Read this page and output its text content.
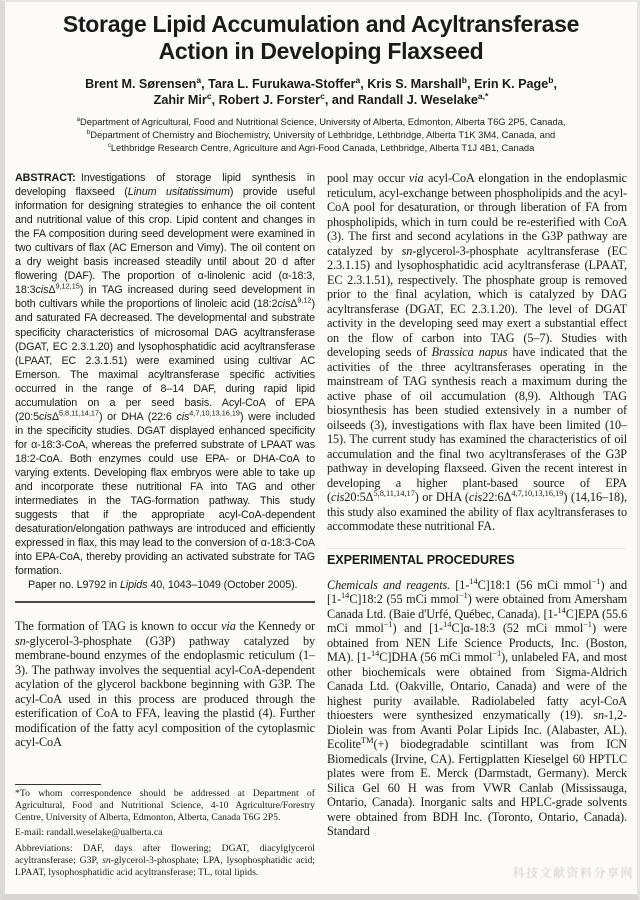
Storage Lipid Accumulation and Acyltransferase
Action in Developing Flaxseed
Brent M. Sørensen$^a$, Tara L. Furukawa-Stoffer$^a$, Kris S. Marshall$^b$, Erin K. Page$^b$,
Zahir Mir$^c$, Robert J. Forster$^c$, and Randall J. Weselake$^{a,*}$
$^a$Department of Agricultural, Food and Nutritional Science, University of Alberta, Edmonton, Alberta T6G 2P5, Canada,
$^b$Department of Chemistry and Biochemistry, University of Lethbridge, Lethbridge, Alberta T1K 3M4, Canada, and
$^c$Lethbridge Research Centre, Agriculture and Agri-Food Canada, Lethbridge, Alberta T1J 4B1, Canada

ABSTRACT: Investigations of storage lipid synthesis in developing flaxseed (Linum usitatissimum) provide useful information for designing strategies to enhance the oil content and nutritional value of this crop. Lipid content and changes in the FA composition during seed development were examined in two cultivars of flax (AC Emerson and Vimy). The oil content on a dry weight basis increased steadily until about 20 d after flowering (DAF). The proportion of α-linolenic acid (α-18:3, 18:3cisΔ$^{9,12,15}$) in TAG increased during seed development in both cultivars while the proportions of linoleic acid (18:2cisΔ$^{9,12}$) and saturated FA decreased. The developmental and substrate specificity characteristics of microsomal DAG acyltransferase (DGAT, EC 2.3.1.20) and lysophosphatidic acid acyltransferase (LPAAT, EC 2.3.1.51) were examined using cultivar AC Emerson. The maximal acyltransferase specific activities occurred in the range of 8–14 DAF, during rapid lipid accumulation on a per seed basis. Acyl-CoA of EPA (20:5cisΔ$^{5,8,11,14,17}$) or DHA (22:6 cis$^{4,7,10,13,16,19}$) were included in the specificity studies. DGAT displayed enhanced specificity for α-18:3-CoA, whereas the preferred substrate of LPAAT was 18:2-CoA. Both enzymes could use EPA- or DHA-CoA to varying extents. Developing flax embryos were able to take up and incorporate these nutritional FA into TAG and other intermediates in the TAG-formation pathway. This study suggests that if the appropriate acyl-CoA-dependent desaturation/elongation pathways are introduced and efficiently expressed in flax, this may lead to the conversion of α-18:3-CoA into EPA-CoA, thereby providing an activated substrate for TAG formation.

Paper no. L9792 in Lipids 40, 1043–1049 (October 2005).

The formation of TAG is known to occur via the Kennedy or sn-glycerol-3-phosphate (G3P) pathway catalyzed by membrane-bound enzymes of the endoplasmic reticulum (1–3). The pathway involves the sequential acyl-CoA-dependent acylation of the glycerol backbone beginning with G3P. The acyl-CoA used in this process are produced through the esterification of CoA to FFA, leaving the plastid (4). Further modification of the fatty acyl composition of the cytoplasmic acyl-CoA

*To whom correspondence should be addressed at Department of Agricultural, Food and Nutritional Science, 4-10 Agriculture/Forestry Centre, University of Alberta, Edmonton, Alberta, Canada T6G 2P5.

E-mail: randall.weselake@ualberta.ca

Abbreviations: DAF, days after flowering; DGAT, diacylglycerol acyltransferase; G3P, sn-glycerol-3-phosphate; LPA, lysophosphatidic acid; LPAAT, lysophosphatidic acid acyltransferase; TL, total lipids.

pool may occur via acyl-CoA elongation in the endoplasmic reticulum, acyl-exchange between phospholipids and the acyl-CoA pool for desaturation, or through liberation of FA from phospholipids, which in turn could be re-esterified with CoA (3). The first and second acylations in the G3P pathway are catalyzed by sn-glycerol-3-phosphate acyltransferase (EC 2.3.1.15) and lysophosphatidic acid acyltransferase (LPAAT, EC 2.3.1.51), respectively. The phosphate group is removed prior to the final acylation, which is catalyzed by DAG acyltransferase (DGAT, EC 2.3.1.20). The level of DGAT activity in the developing seed may exert a substantial effect on the flow of carbon into TAG (5–7). Studies with developing seeds of Brassica napus have indicated that the activities of the three acyltransferases operating in the mainstream of TAG synthesis reach a maximum during the active phase of oil accumulation (8,9). Although TAG biosynthesis has been studied extensively in a number of oilseeds (3), investigations with flax have been limited (10–15). The current study has examined the characteristics of oil accumulation and the final two acyltransferases of the G3P pathway in developing flaxseed. Given the recent interest in developing a higher plant-based source of EPA $(cis20:5\Delta^{5,8,11,14,17})$ or DHA $(cis22:6\Delta^{4,7,10,13,16,19})$ (14,16–18), this study also examined the ability of flax acyltransferases to accommodate these nutritional FA.

EXPERIMENTAL PROCEDURES

Chemicals and reagents. [1-$^{14}$C]18:1 (56 mCi mmol$^{-1}$) and [1-$^{14}$C]18:2 (55 mCi mmol$^{-1}$) were obtained from Amersham Canada Ltd. (Baie d'Urfé, Québec, Canada). [1-$^{14}$C]EPA (55.6 mCi mmol$^{-1}$) and [1-$^{14}$C]α-18:3 (52 mCi mmol$^{-1}$) were obtained from NEN Life Science Products, Inc. (Boston, MA). [1-$^{14}$C]DHA (56 mCi mmol$^{-1}$), unlabeled FA, and most other biochemicals were obtained from Sigma-Aldrich Canada Ltd. (Oakville, Ontario, Canada) and were of the highest purity available. Radiolabeled fatty acyl-CoA thioesters were synthesized enzymatically (19). sn-1,2-Diolein was from Avanti Polar Lipids Inc. (Alabaster, AL). Ecolite™(+) biodegradable scintillant was from ICN Biomedicals (Irvine, CA). Fertigplatten Kieselgel 60 HPTLC plates were from E. Merck (Darmstadt, Germany). Merck Silica Gel 60 H was from VWR Canlab (Mississauga, Ontario, Canada). Inorganic salts and HPLC-grade solvents were obtained from BDH Inc. (Toronto, Ontario, Canada). Standard

科技文献资料分享网
